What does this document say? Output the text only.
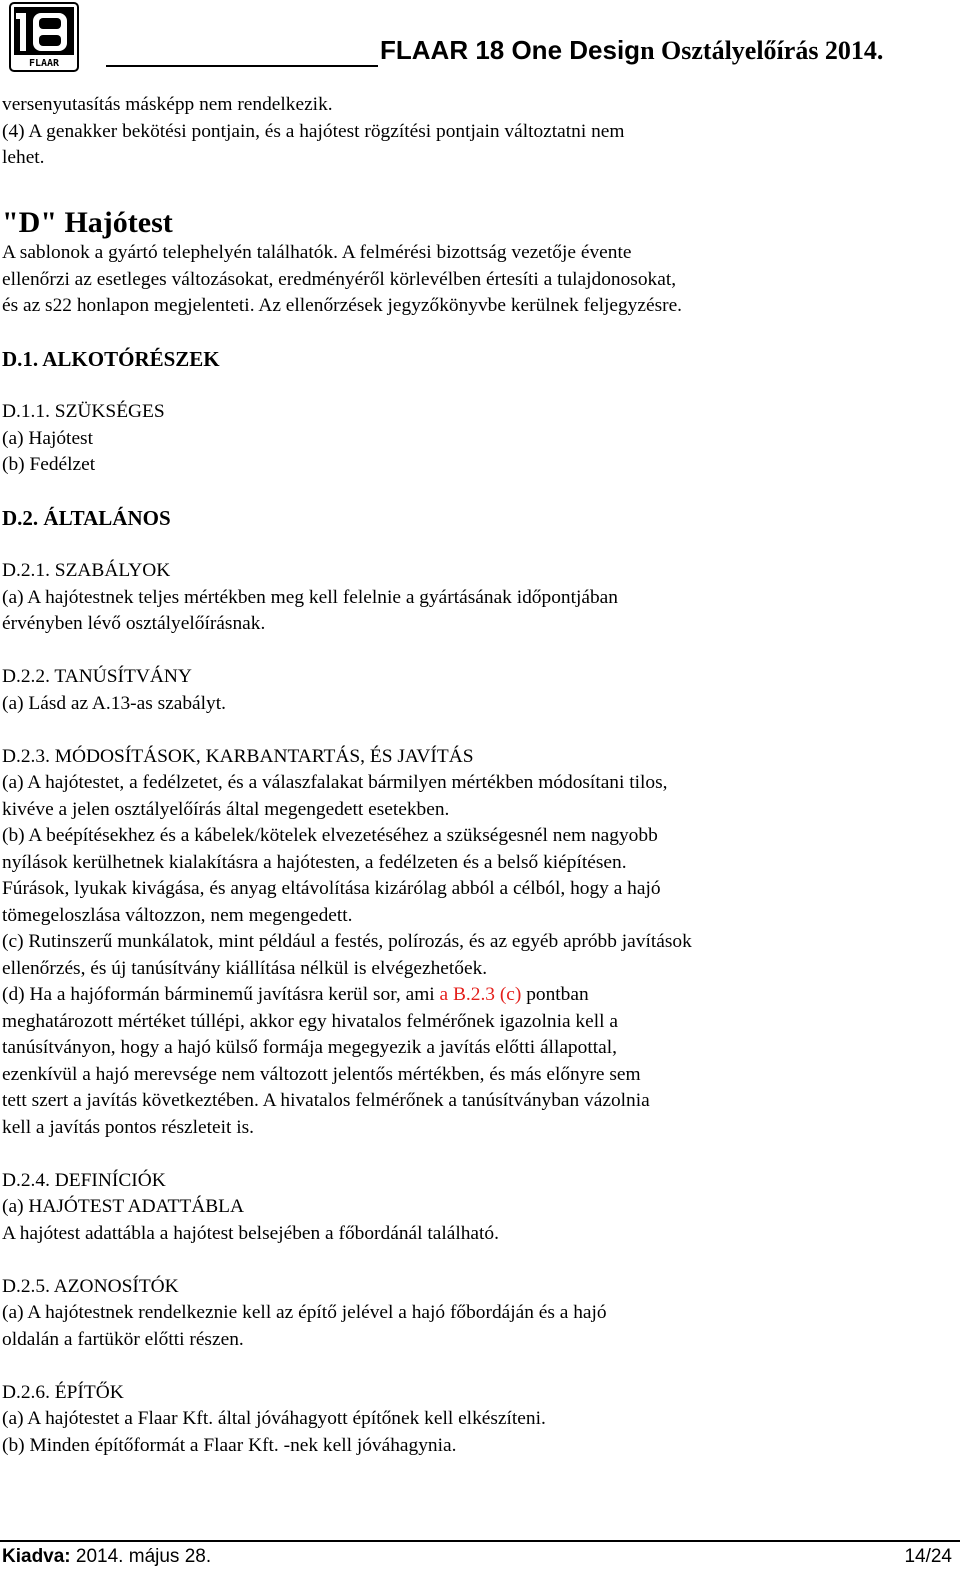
FLAAR	FLAAR 18 One Design Osztályelőírás 2014.
versenyutasítás másképp nem rendelkezik.
(4) A genakker bekötési pontjain, és a hajótest rögzítési pontjain változtatni nem
lehet.
"D" Hajótest
A sablonok a gyártó telephelyén találhatók. A felmérési bizottság vezetője évente
ellenőrzi az esetleges változásokat, eredményéről körlevélben értesíti a tulajdonosokat,
és az s22 honlapon megjelenteti. Az ellenőrzések jegyzőkönyvbe kerülnek feljegyzésre.
D.1. ALKOTÓRÉSZEK
D.1.1. SZÜKSÉGES
(a) Hajótest
(b) Fedélzet
D.2. ÁLTALÁNOS
D.2.1. SZABÁLYOK
(a) A hajótestnek teljes mértékben meg kell felelnie a gyártásának időpontjában
érvényben lévő osztályelőírásnak.
D.2.2. TANÚSÍTVÁNY
(a) Lásd az A.13-as szabályt.
D.2.3. MÓDOSÍTÁSOK, KARBANTARTÁS, ÉS JAVÍTÁS
(a) A hajótestet, a fedélzetet, és a válaszfalakat bármilyen mértékben módosítani tilos,
kivéve a jelen osztályelőírás által megengedett esetekben.
(b) A beépítésekhez és a kábelek/kötelek elvezetéséhez a szükségesnél nem nagyobb
nyílások kerülhetnek kialakításra a hajótesten, a fedélzeten és a belső kiépítésen.
Fúrások, lyukak kivágása, és anyag eltávolítása kizárólag abból a célból, hogy a hajó
tömegeloszlása változzon, nem megengedett.
(c) Rutinszerű munkálatok, mint például a festés, polírozás, és az egyéb apróbb javítások
ellenőrzés, és új tanúsítvány kiállítása nélkül is elvégezhetőek.
(d) Ha a hajóformán bárminemű javításra kerül sor, ami a B.2.3 (c) pontban
meghatározott mértéket túllépi, akkor egy hivatalos felmérőnek igazolnia kell a
tanúsítványon, hogy a hajó külső formája megegyezik a javítás előtti állapottal,
ezenkívül a hajó merevsége nem változott jelentős mértékben, és más előnyre sem
tett szert a javítás következtében. A hivatalos felmérőnek a tanúsítványban vázolnia
kell a javítás pontos részleteit is.
D.2.4. DEFINÍCIÓK
(a) HAJÓTEST ADATTÁBLA
A hajótest adattábla a hajótest belsejében a főbordánál található.
D.2.5. AZONOSÍTÓK
(a) A hajótestnek rendelkeznie kell az építő jelével a hajó főbordáján és a hajó
oldalán a fartükör előtti részen.
D.2.6. ÉPÍTŐK
(a) A hajótestet a Flaar Kft. által jóváhagyott építőnek kell elkészíteni.
(b) Minden építőformát a Flaar Kft. -nek kell jóváhagynia.
Kiadva: 2014. május 28.	14/24
